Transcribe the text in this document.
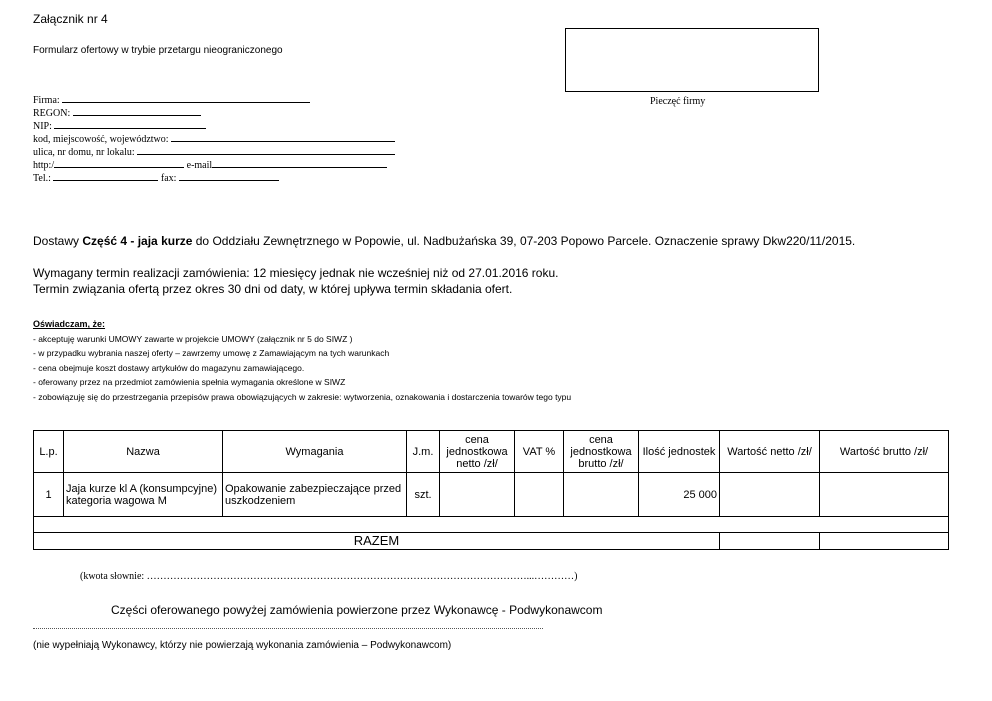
Załącznik nr 4
Formularz ofertowy w trybie przetargu nieograniczonego
Pieczęć firmy
Firma:
REGON:
NIP:
kod, miejscowość, województwo:
ulica, nr domu, nr lokalu:
http:/	e-mail
Tel.:	fax:
Dostawy Część 4 - jaja kurze do Oddziału Zewnętrznego w Popowie, ul. Nadbużańska 39, 07-203 Popowo Parcele. Oznaczenie sprawy Dkw220/11/2015.
Wymagany termin realizacji zamówienia: 12 miesięcy jednak nie wcześniej niż od 27.01.2016 roku.
Termin związania ofertą przez okres 30 dni od daty, w której upływa termin składania ofert.
Oświadczam, że:
- akceptuję warunki UMOWY zawarte w projekcie UMOWY (załącznik nr 5 do SIWZ )
- w przypadku wybrania naszej oferty – zawrzemy umowę z Zamawiającym na tych warunkach
- cena obejmuje koszt dostawy artykułów do magazynu zamawiającego.
- oferowany przez na przedmiot zamówienia spełnia wymagania określone w SIWZ
- zobowiązuję się do przestrzegania przepisów prawa obowiązujących w zakresie: wytworzenia, oznakowania i dostarczenia towarów tego typu
L.p.	Nazwa	Wymagania	J.m.	cena jednostkowa netto /zł/	VAT %	cena jednostkowa brutto /zł/	Ilość jednostek	Wartość netto /zł/	Wartość brutto /zł/
1	Jaja kurze kl A (konsumpcyjne) kategoria wagowa M	Opakowanie zabezpieczające przed uszkodzeniem	szt.				25 000		

RAZEM									
(kwota słownie: ……………………………………………………………………………………………………...…………)
Części oferowanego powyżej zamówienia powierzone przez Wykonawcę - Podwykonawcom
(nie wypełniają Wykonawcy, którzy nie powierzają wykonania zamówienia – Podwykonawcom)
